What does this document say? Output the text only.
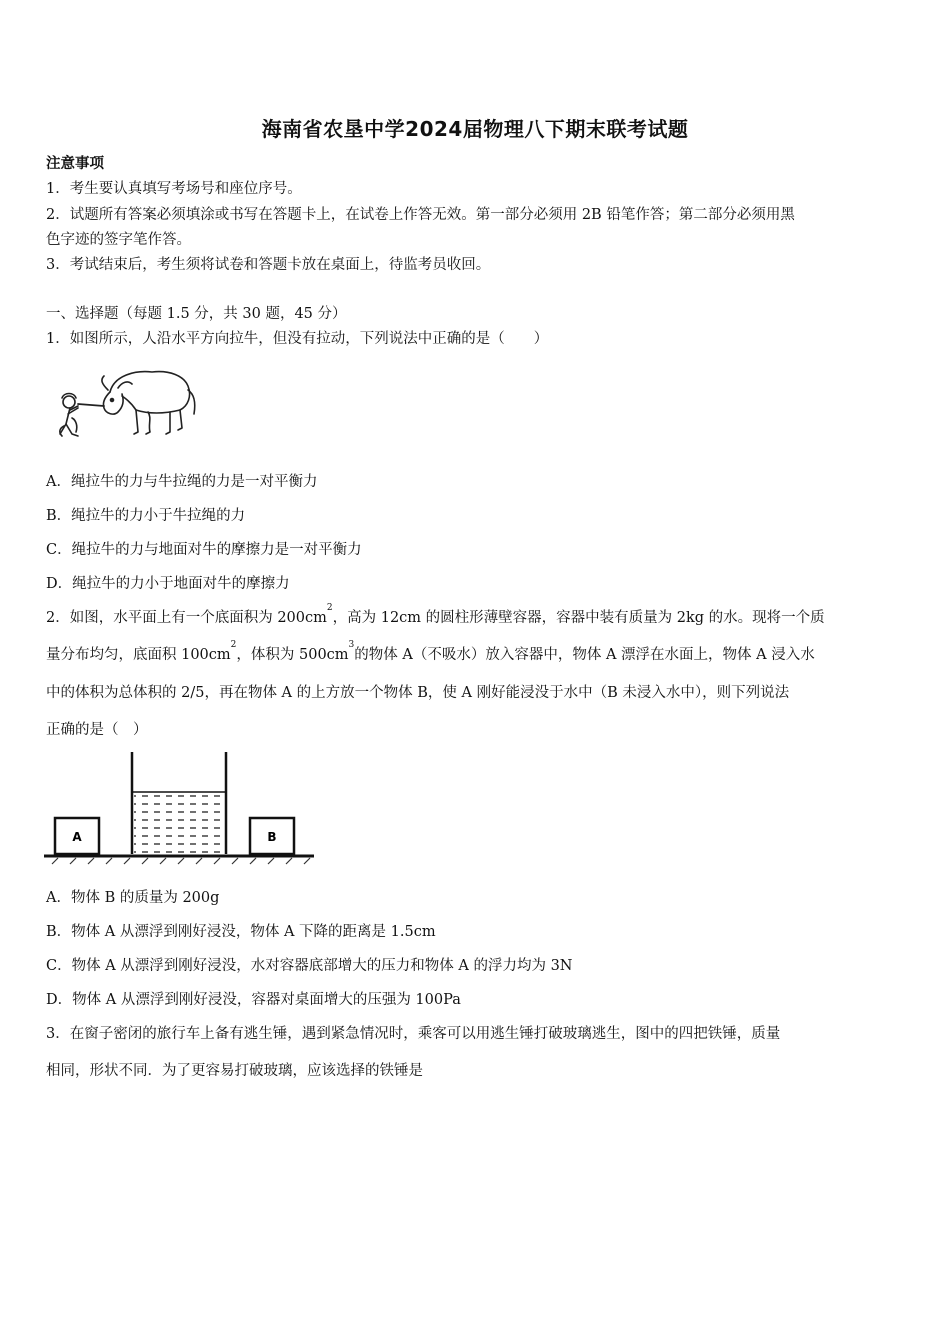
海南省农垦中学2024届物理八下期末联考试题
注意事项
1．考生要认真填写考场号和座位序号。
2．试题所有答案必须填涂或书写在答题卡上，在试卷上作答无效。第一部分必须用 2B 铅笔作答；第二部分必须用黑
色字迹的签字笔作答。
3．考试结束后，考生须将试卷和答题卡放在桌面上，待监考员收回。
一、选择题（每题 1.5 分，共 30 题，45 分）
1．如图所示，人沿水平方向拉牛，但没有拉动，下列说法中正确的是（　　）
A．绳拉牛的力与牛拉绳的力是一对平衡力
B．绳拉牛的力小于牛拉绳的力
C．绳拉牛的力与地面对牛的摩擦力是一对平衡力
D．绳拉牛的力小于地面对牛的摩擦力
2．如图，水平面上有一个底面积为 $200cm^2$，高为 12cm 的圆柱形薄壁容器，容器中装有质量为 2kg 的水。现将一个质
量分布均匀，底面积 $100cm^2$，体积为 $500cm^3$的物体 A（不吸水）放入容器中，物体 A 漂浮在水面上，物体 A 浸入水
中的体积为总体积的 2/5，再在物体 A 的上方放一个物体 B，使 A 刚好能浸没于水中（B 未浸入水中），则下列说法
正确的是（　）
A	B
A．物体 B 的质量为 200g
B．物体 A 从漂浮到刚好浸没，物体 A 下降的距离是 1.5cm
C．物体 A 从漂浮到刚好浸没，水对容器底部增大的压力和物体 A 的浮力均为 3N
D．物体 A 从漂浮到刚好浸没，容器对桌面增大的压强为 100Pa
3．在窗子密闭的旅行车上备有逃生锤，遇到紧急情况时，乘客可以用逃生锤打破玻璃逃生，图中的四把铁锤，质量
相同，形状不同．为了更容易打破玻璃，应该选择的铁锤是
